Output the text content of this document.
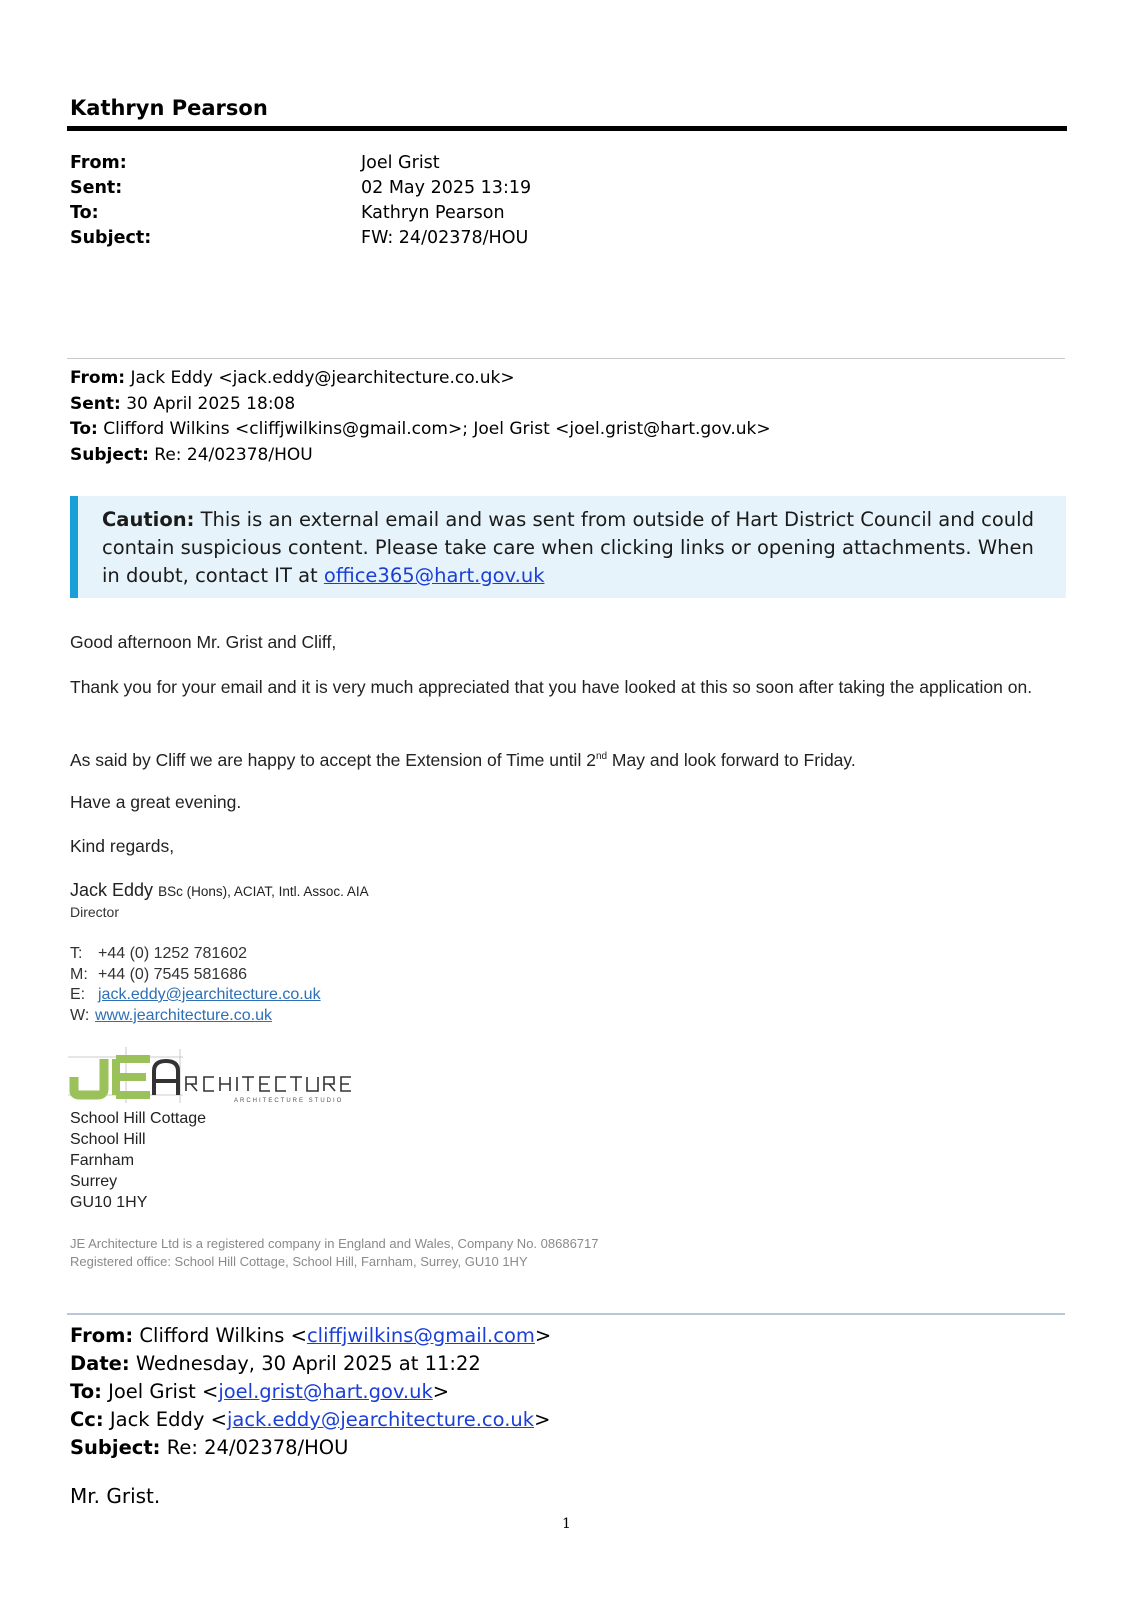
Kathryn Pearson
From:	Joel Grist
Sent:	02 May 2025 13:19
To:	Kathryn Pearson
Subject:	FW: 24/02378/HOU
From: Jack Eddy <jack.eddy@jearchitecture.co.uk>
Sent: 30 April 2025 18:08
To: Clifford Wilkins <cliffjwilkins@gmail.com>; Joel Grist <joel.grist@hart.gov.uk>
Subject: Re: 24/02378/HOU

Caution: This is an external email and was sent from outside of Hart District Council and could contain suspicious content. Please take care when clicking links or opening attachments. When in doubt, contact IT at office365@hart.gov.uk

Good afternoon Mr. Grist and Cliff,

Thank you for your email and it is very much appreciated that you have looked at this so soon after taking the application on.

As said by Cliff we are happy to accept the Extension of Time until 2nd May and look forward to Friday.

Have a great evening.

Kind regards,

Jack Eddy BSc (Hons), ACIAT, Intl. Assoc. AIA
Director
T: +44 (0) 1252 781602
M: +44 (0) 7545 581686
E: jack.eddy@jearchitecture.co.uk
W: www.jearchitecture.co.uk
ARCHITECTURE STUDIO
School Hill Cottage
School Hill
Farnham
Surrey
GU10 1HY
JE Architecture Ltd is a registered company in England and Wales, Company No. 08686717
Registered office: School Hill Cottage, School Hill, Farnham, Surrey, GU10 1HY
From: Clifford Wilkins <cliffjwilkins@gmail.com>
Date: Wednesday, 30 April 2025 at 11:22
To: Joel Grist <joel.grist@hart.gov.uk>
Cc: Jack Eddy <jack.eddy@jearchitecture.co.uk>
Subject: Re: 24/02378/HOU
Mr. Grist.
1
